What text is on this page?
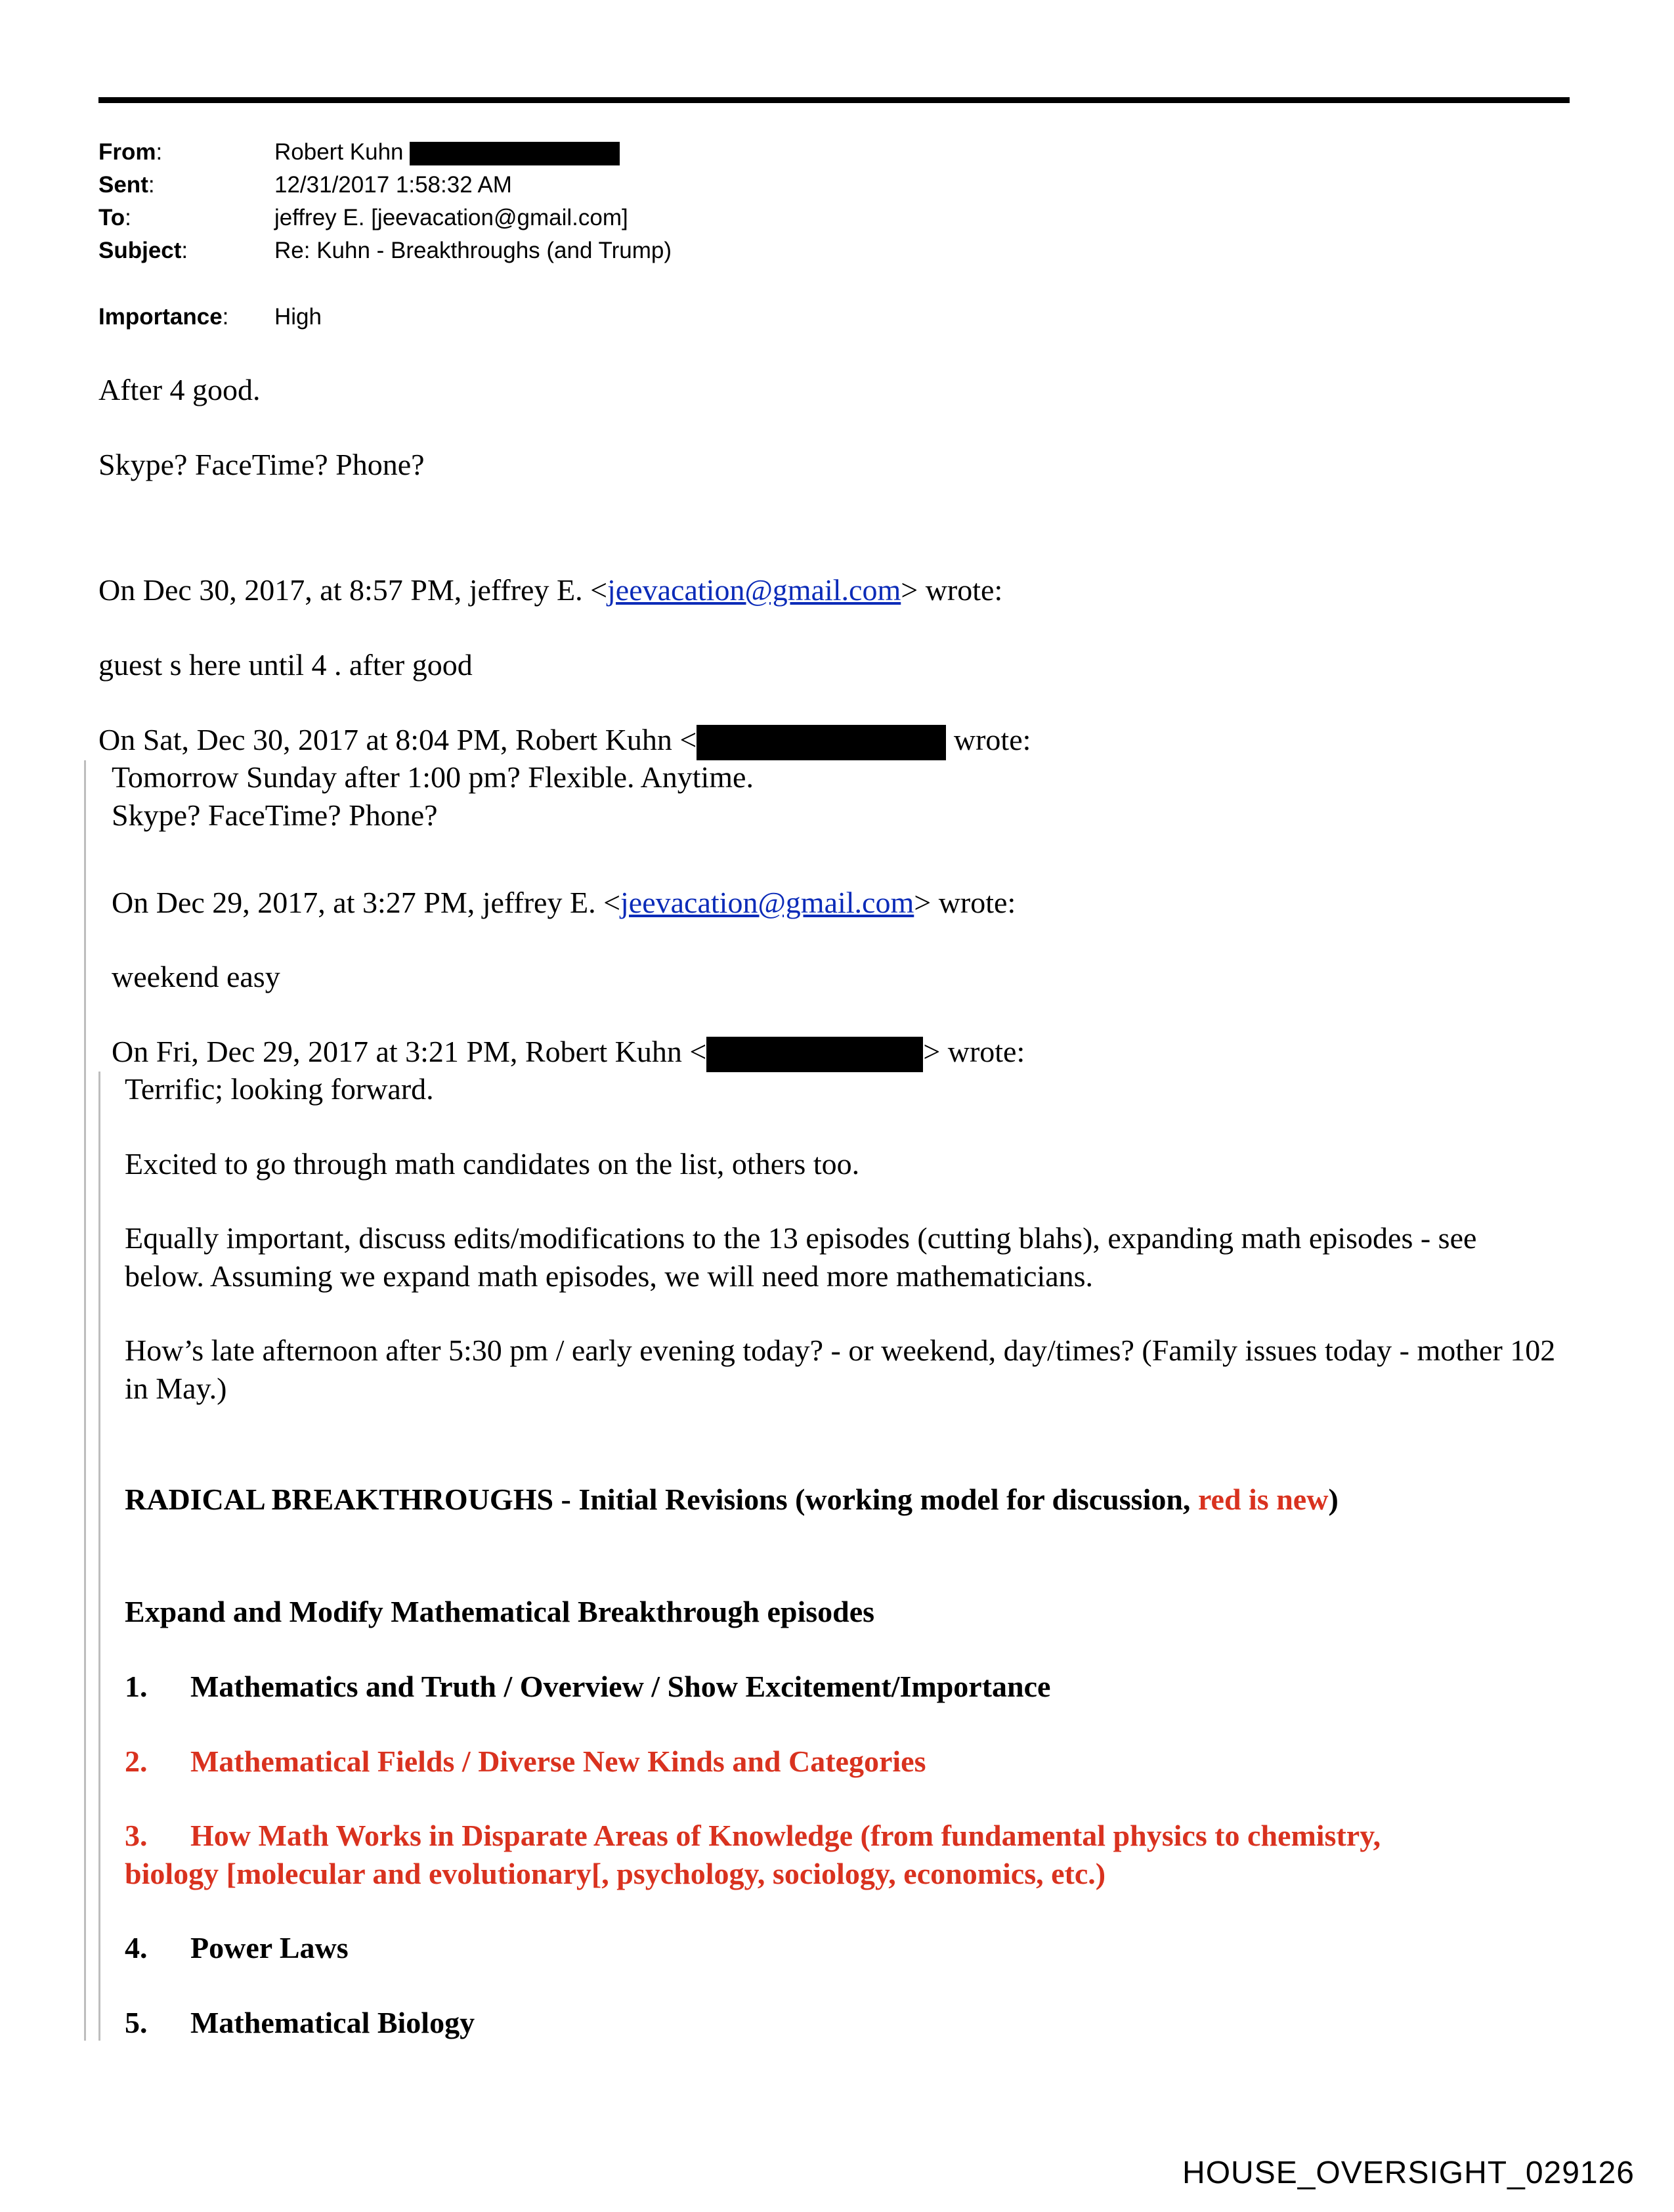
From:	Robert Kuhn
Sent:	12/31/2017 1:58:32 AM
To:	jeffrey E. [jeevacation@gmail.com]
Subject:	Re: Kuhn - Breakthroughs (and Trump)
Importance: High
After 4 good.
Skype? FaceTime? Phone?
On Dec 30, 2017, at 8:57 PM, jeffrey E. <jeevacation@gmail.com> wrote:
guest s here until 4 . after good
On Sat, Dec 30, 2017 at 8:04 PM, Robert Kuhn <	wrote:
Tomorrow Sunday after 1:00 pm? Flexible. Anytime.
Skype? FaceTime? Phone?
On Dec 29, 2017, at 3:27 PM, jeffrey E. <jeevacation@gmail.com> wrote:
weekend easy
On Fri, Dec 29, 2017 at 3:21 PM, Robert Kuhn <	> wrote:
Terrific; looking forward.
Excited to go through math candidates on the list, others too.
Equally important, discuss edits/modifications to the 13 episodes (cutting blahs), expanding math episodes - see below. Assuming we expand math episodes, we will need more mathematicians.
How’s late afternoon after 5:30 pm / early evening today? - or weekend, day/times? (Family issues today - mother 102 in May.)
RADICAL BREAKTHROUGHS - Initial Revisions (working model for discussion, red is new)
Expand and Modify Mathematical Breakthrough episodes
1. Mathematics and Truth / Overview / Show Excitement/Importance
2. Mathematical Fields / Diverse New Kinds and Categories
3. How Math Works in Disparate Areas of Knowledge (from fundamental physics to chemistry,
biology [molecular and evolutionary[, psychology, sociology, economics, etc.)
4. Power Laws
5. Mathematical Biology
HOUSE_OVERSIGHT_029126
